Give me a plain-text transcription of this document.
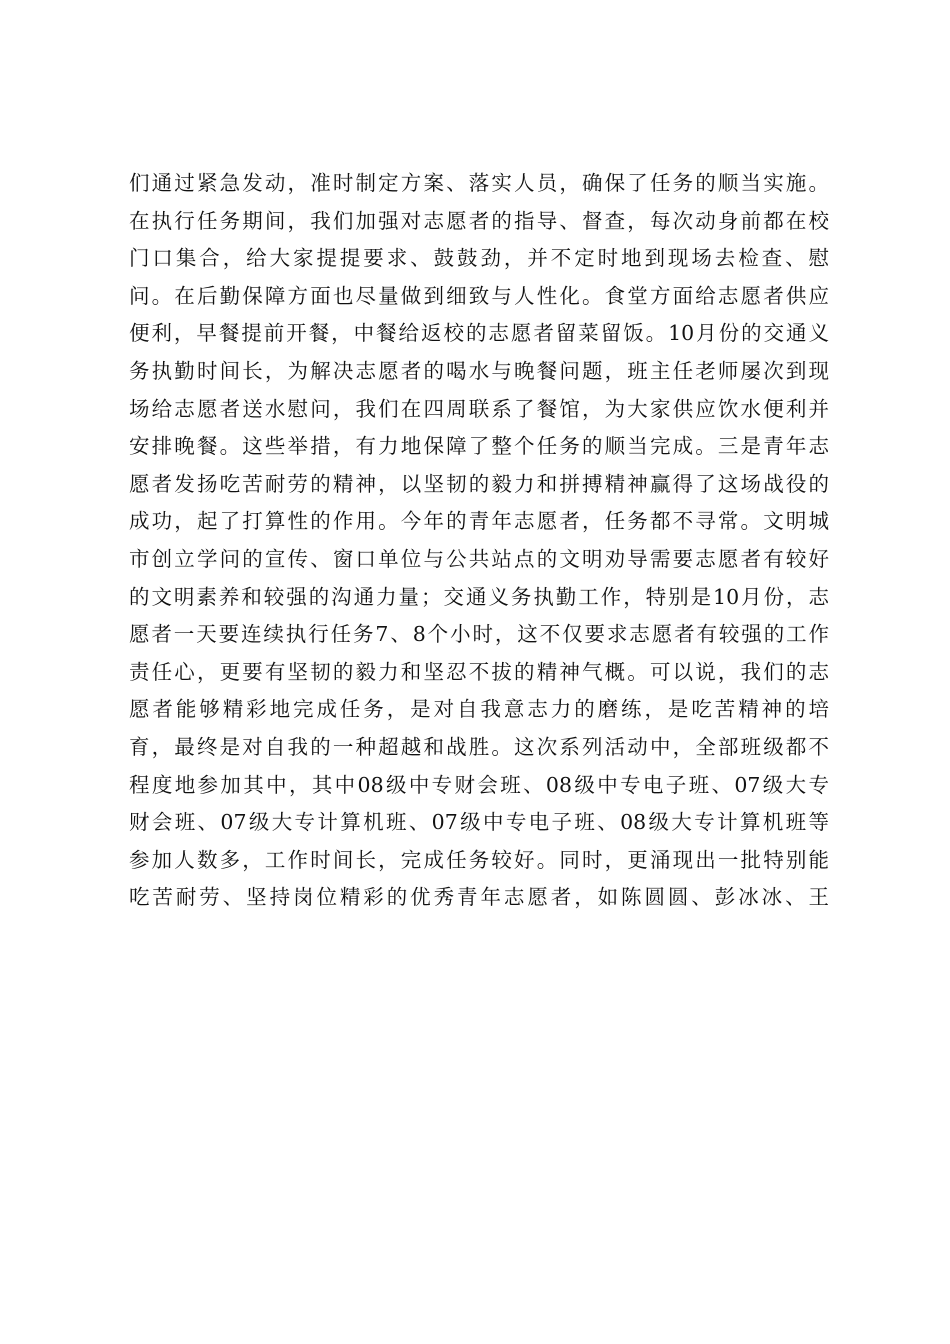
们通过紧急发动，准时制定方案、落实人员，确保了任务的顺当实施。
在执行任务期间，我们加强对志愿者的指导、督查，每次动身前都在校
门口集合，给大家提提要求、鼓鼓劲，并不定时地到现场去检查、慰
问。在后勤保障方面也尽量做到细致与人性化。食堂方面给志愿者供应
便利，早餐提前开餐，中餐给返校的志愿者留菜留饭。10月份的交通义
务执勤时间长，为解决志愿者的喝水与晚餐问题，班主任老师屡次到现
场给志愿者送水慰问，我们在四周联系了餐馆，为大家供应饮水便利并
安排晚餐。这些举措，有力地保障了整个任务的顺当完成。三是青年志
愿者发扬吃苦耐劳的精神，以坚韧的毅力和拼搏精神赢得了这场战役的
成功，起了打算性的作用。今年的青年志愿者，任务都不寻常。文明城
市创立学问的宣传、窗口单位与公共站点的文明劝导需要志愿者有较好
的文明素养和较强的沟通力量；交通义务执勤工作，特别是10月份，志
愿者一天要连续执行任务7、8个小时，这不仅要求志愿者有较强的工作
责任心，更要有坚韧的毅力和坚忍不拔的精神气概。可以说，我们的志
愿者能够精彩地完成任务，是对自我意志力的磨练，是吃苦精神的培
育，最终是对自我的一种超越和战胜。这次系列活动中，全部班级都不
程度地参加其中，其中08级中专财会班、08级中专电子班、07级大专
财会班、07级大专计算机班、07级中专电子班、08级大专计算机班等
参加人数多，工作时间长，完成任务较好。同时，更涌现出一批特别能
吃苦耐劳、坚持岗位精彩的优秀青年志愿者，如陈圆圆、彭冰冰、王
